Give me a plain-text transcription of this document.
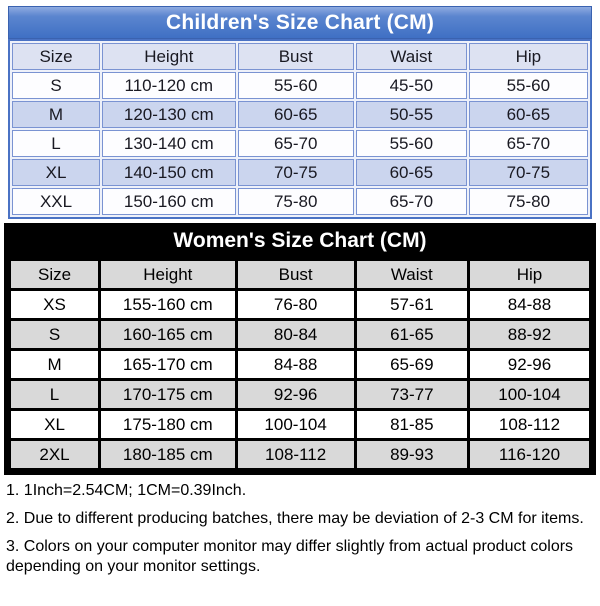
Children's Size Chart (CM)
Size	Height	Bust	Waist	Hip
S	110-120 cm	55-60	45-50	55-60
M	120-130 cm	60-65	50-55	60-65
L	130-140 cm	65-70	55-60	65-70
XL	140-150 cm	70-75	60-65	70-75
XXL	150-160 cm	75-80	65-70	75-80
Women's Size Chart (CM)
Size	Height	Bust	Waist	Hip
XS	155-160 cm	76-80	57-61	84-88
S	160-165 cm	80-84	61-65	88-92
M	165-170 cm	84-88	65-69	92-96
L	170-175 cm	92-96	73-77	100-104
XL	175-180 cm	100-104	81-85	108-112
2XL	180-185 cm	108-112	89-93	116-120

1. 1Inch=2.54CM; 1CM=0.39Inch.

2. Due to different producing batches, there may be deviation of 2-3 CM for items.

3. Colors on your computer monitor may differ slightly from actual product colors depending on your monitor settings.
